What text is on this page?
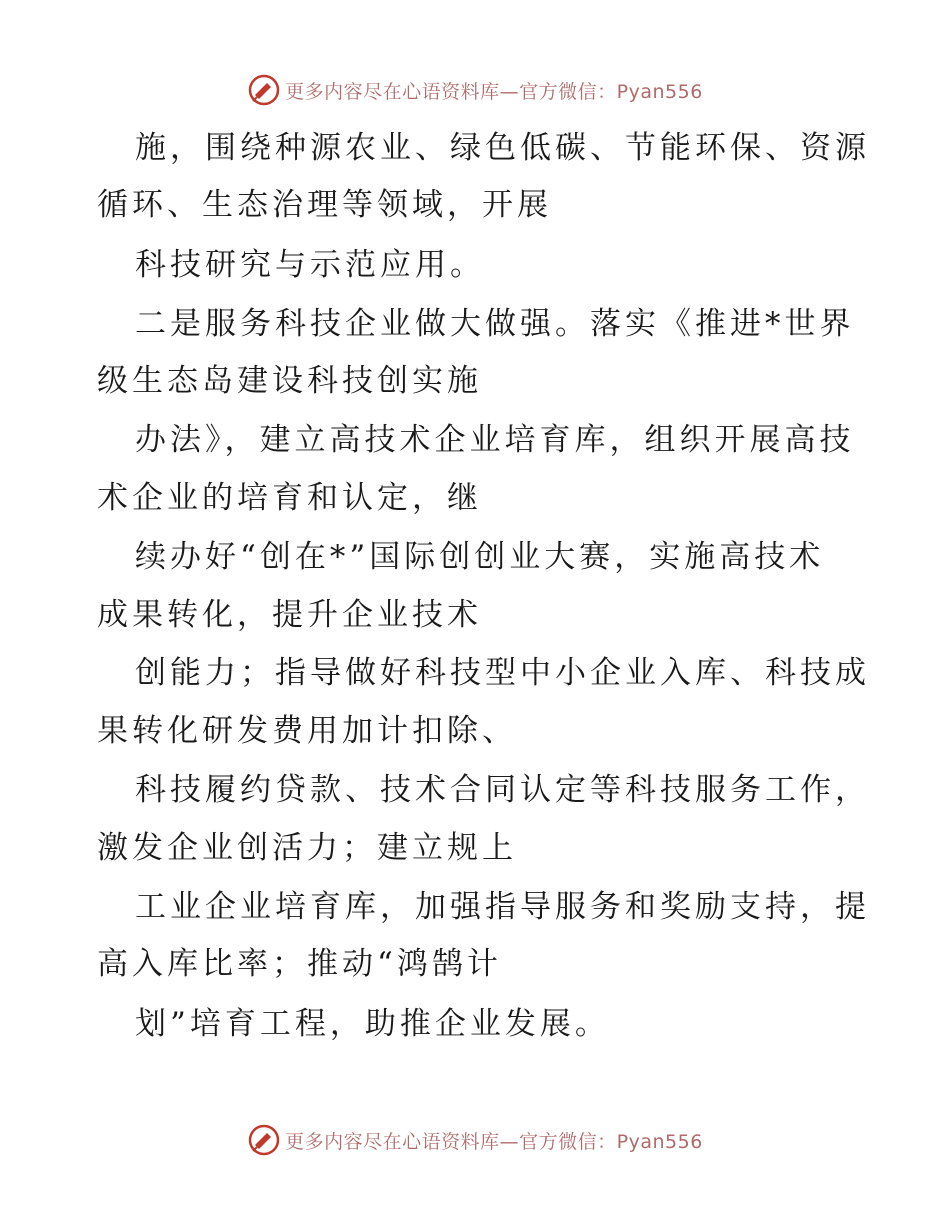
更多内容尽在心语资料库—官方微信：Pyan556
施，围绕种源农业、绿色低碳、节能环保、资源
循环、生态治理等领域，开展
科技研究与示范应用。
二是服务科技企业做大做强。落实《推进*世界
级生态岛建设科技创实施
办法》，建立高技术企业培育库，组织开展高技
术企业的培育和认定，继
续办好“创在*”国际创创业大赛，实施高技术
成果转化，提升企业技术
创能力；指导做好科技型中小企业入库、科技成
果转化研发费用加计扣除、
科技履约贷款、技术合同认定等科技服务工作，
激发企业创活力；建立规上
工业企业培育库，加强指导服务和奖励支持，提
高入库比率；推动“鸿鹄计
划”培育工程，助推企业发展。
更多内容尽在心语资料库—官方微信：Pyan556
